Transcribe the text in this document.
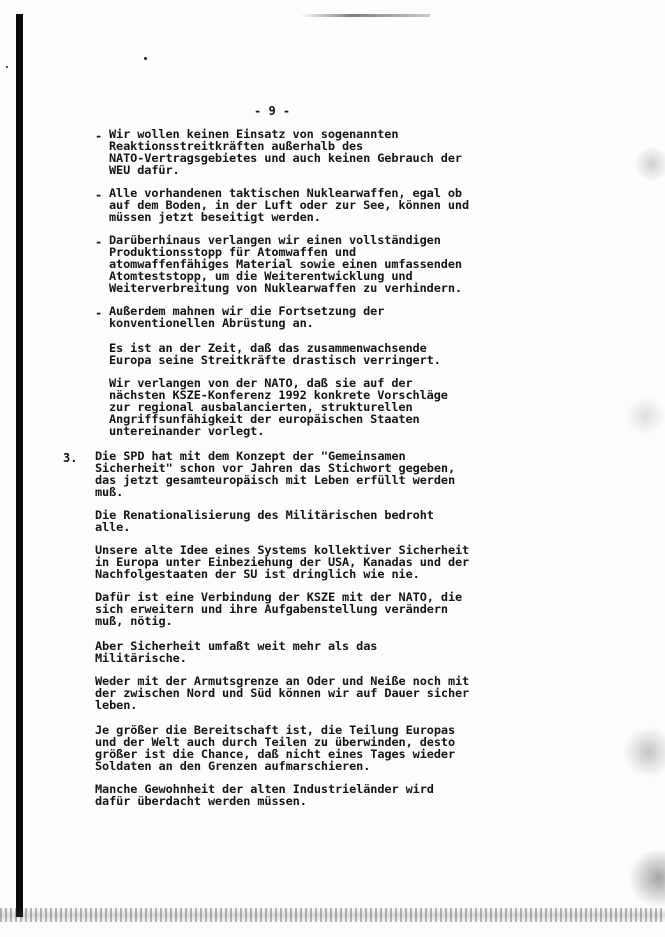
- 9 -
- Wir wollen keinen Einsatz von sogenannten
Reaktionsstreitkräften außerhalb des
NATO-Vertragsgebietes und auch keinen Gebrauch der
WEU dafür.
- Alle vorhandenen taktischen Nuklearwaffen, egal ob
auf dem Boden, in der Luft oder zur See, können und
müssen jetzt beseitigt werden.
- Darüberhinaus verlangen wir einen vollständigen
Produktionsstopp für Atomwaffen und
atomwaffenfähiges Material sowie einen umfassenden
Atomteststopp, um die Weiterentwicklung und
Weiterverbreitung von Nuklearwaffen zu verhindern.
- Außerdem mahnen wir die Fortsetzung der
konventionellen Abrüstung an.
Es ist an der Zeit, daß das zusammenwachsende
Europa seine Streitkräfte drastisch verringert.
Wir verlangen von der NATO, daß sie auf der
nächsten KSZE-Konferenz 1992 konkrete Vorschläge
zur regional ausbalancierten, strukturellen
Angriffsunfähigkeit der europäischen Staaten
untereinander vorlegt.
3. Die SPD hat mit dem Konzept der "Gemeinsamen
Sicherheit" schon vor Jahren das Stichwort gegeben,
das jetzt gesamteuropäisch mit Leben erfüllt werden
muß.
Die Renationalisierung des Militärischen bedroht
alle.
Unsere alte Idee eines Systems kollektiver Sicherheit
in Europa unter Einbeziehung der USA, Kanadas und der
Nachfolgestaaten der SU ist dringlich wie nie.
Dafür ist eine Verbindung der KSZE mit der NATO, die
sich erweitern und ihre Aufgabenstellung verändern
muß, nötig.
Aber Sicherheit umfaßt weit mehr als das
Militärische.
Weder mit der Armutsgrenze an Oder und Neiße noch mit
der zwischen Nord und Süd können wir auf Dauer sicher
leben.
Je größer die Bereitschaft ist, die Teilung Europas
und der Welt auch durch Teilen zu überwinden, desto
größer ist die Chance, daß nicht eines Tages wieder
Soldaten an den Grenzen aufmarschieren.
Manche Gewohnheit der alten Industrieländer wird
dafür überdacht werden müssen.
